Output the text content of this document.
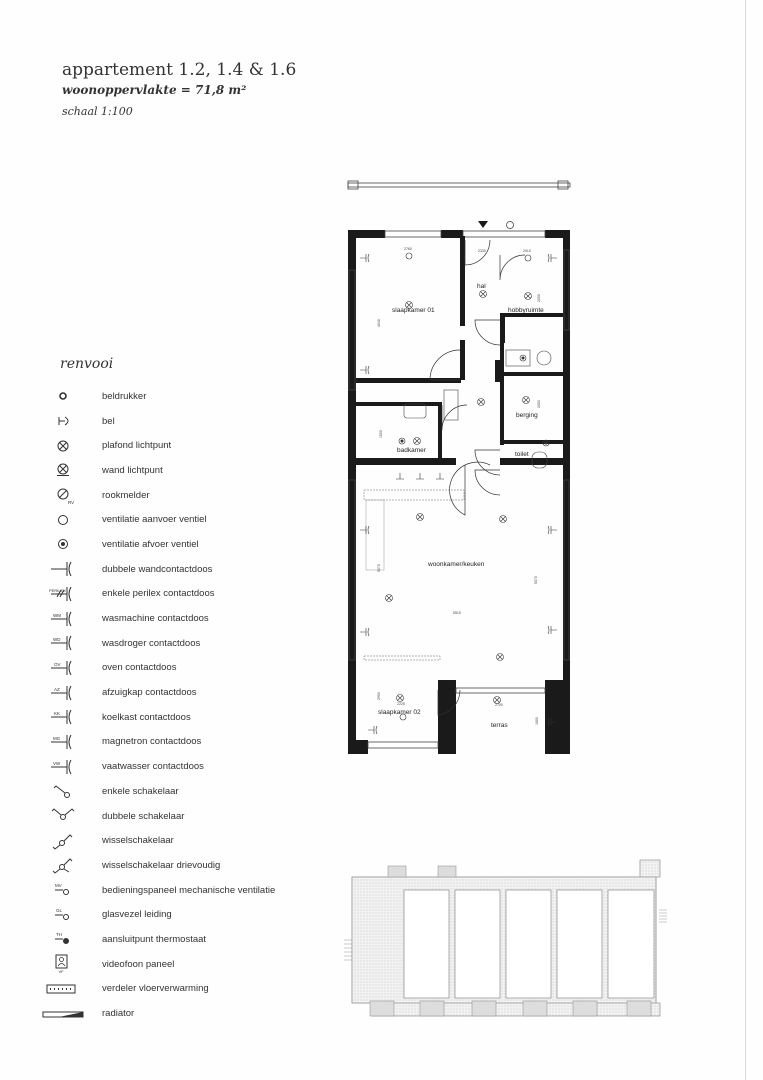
appartement 1.2, 1.4 & 1.6
woonoppervlakte = 71,8 m²
schaal 1:100
renvooi
beldrukker
bel
plafond lichtpunt
wand lichtpunt
RV
rookmelder
ventilatie aanvoer ventiel
ventilatie afvoer ventiel
dubbele wandcontactdoos
PERILEX	enkele perilex contactdoos
WM	wasmachine contactdoos
WD	wasdroger contactdoos
OV	oven contactdoos
AZ	afzuigkap contactdoos
KK	koelkast contactdoos
MG	magnetron contactdoos
VW	vaatwasser contactdoos
enkele schakelaar
dubbele schakelaar
wisselschakelaar
wisselschakelaar drievoudig
MV	bedieningspaneel mechanische ventilatie
GL	glasvezel leiding
TH	aansluitpunt thermostaat
VF
videofoon paneel
verdeler vloerverwarming
radiator
slaapkamer 01
hal
hobbyruimte
berging
badkamer
toilet
woonkamer/keuken
slaapkamer 02
terras
2760
4040
2330	2010
2000
2000
1500
5070
5070
5515
2950
2225	2700
1600
